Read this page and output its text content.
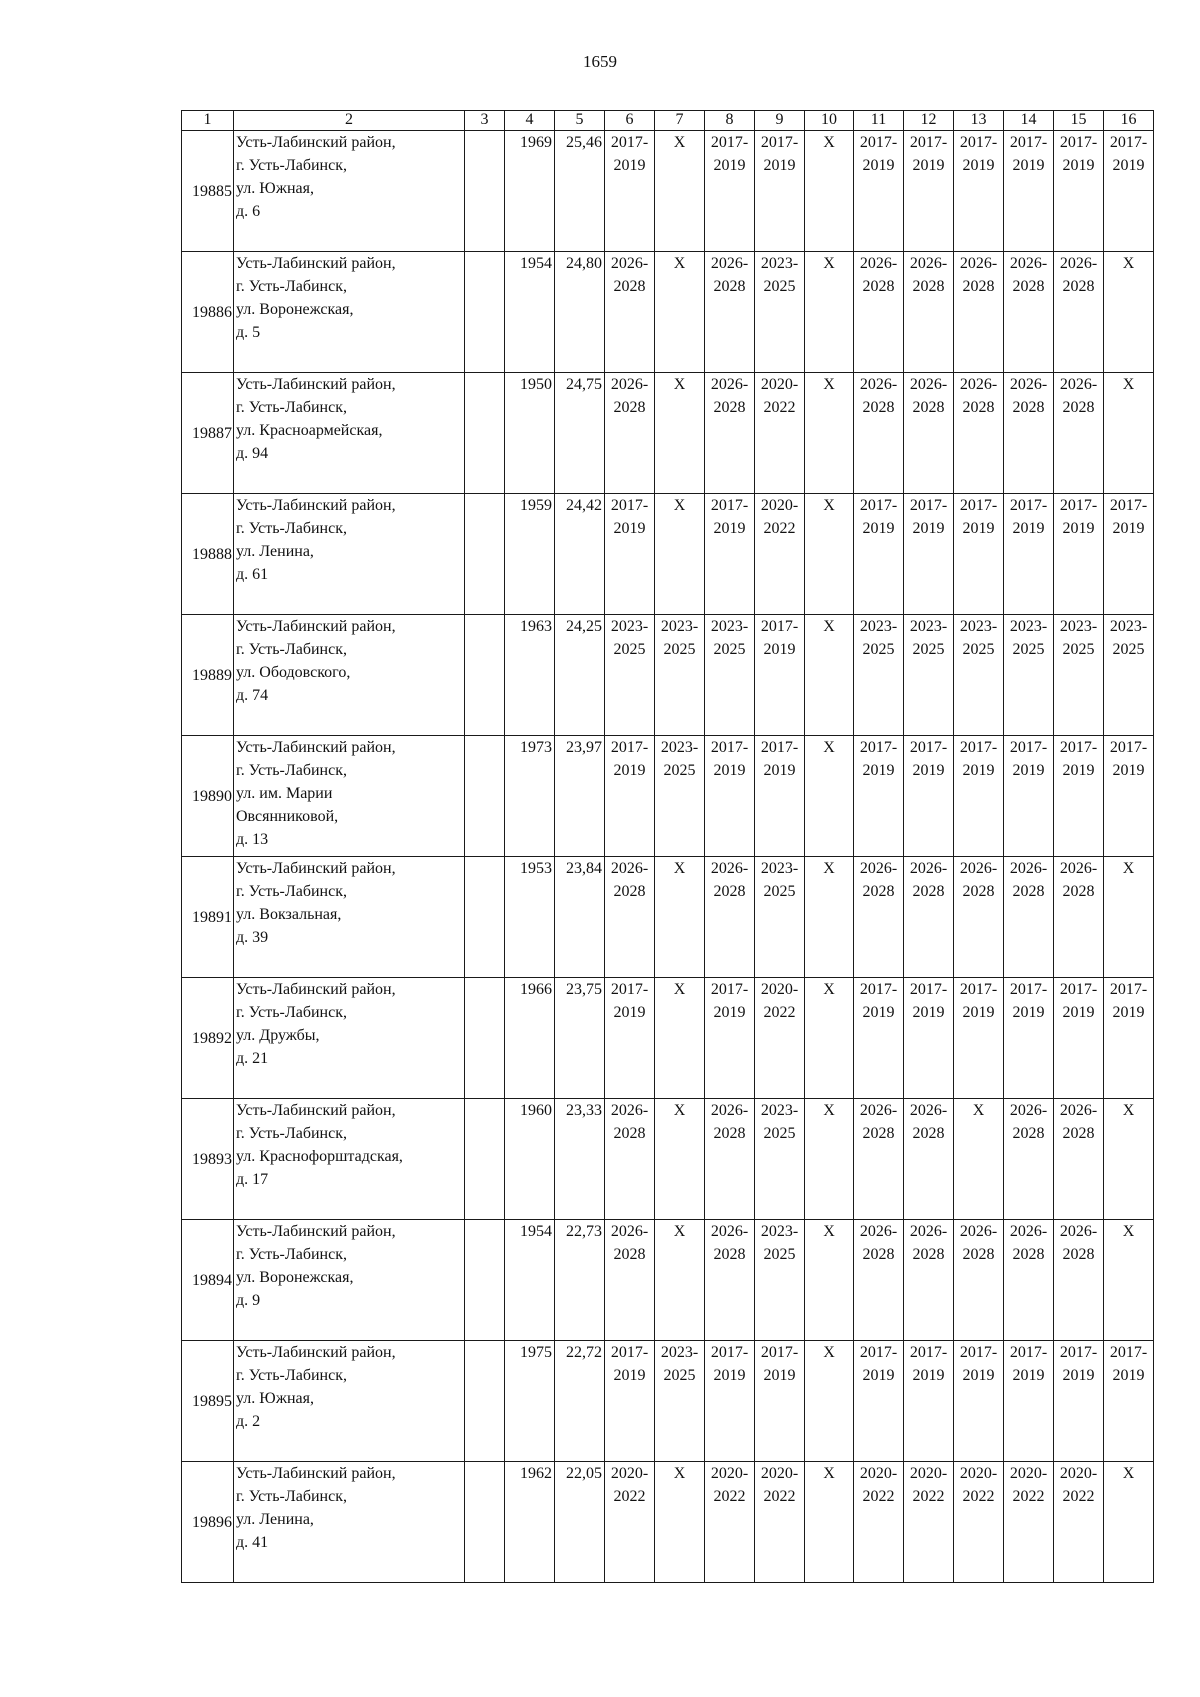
1659
1	2	3	4	5	6	7	8	9	10	11	12	13	14	15	16
19885	Усть-Лабинский район,
г. Усть-Лабинск,
ул. Южная,
д. 6		1969	25,46	2017-
2019	X	2017-
2019	2017-
2019	X	2017-
2019	2017-
2019	2017-
2019	2017-
2019	2017-
2019	2017-
2019

19886	Усть-Лабинский район,
г. Усть-Лабинск,
ул. Воронежская,
д. 5		1954	24,80	2026-
2028	X	2026-
2028	2023-
2025	X	2026-
2028	2026-
2028	2026-
2028	2026-
2028	2026-
2028	X

19887	Усть-Лабинский район,
г. Усть-Лабинск,
ул. Красноармейская,
д. 94		1950	24,75	2026-
2028	X	2026-
2028	2020-
2022	X	2026-
2028	2026-
2028	2026-
2028	2026-
2028	2026-
2028	X

19888	Усть-Лабинский район,
г. Усть-Лабинск,
ул. Ленина,
д. 61		1959	24,42	2017-
2019	X	2017-
2019	2020-
2022	X	2017-
2019	2017-
2019	2017-
2019	2017-
2019	2017-
2019	2017-
2019

19889	Усть-Лабинский район,
г. Усть-Лабинск,
ул. Ободовского,
д. 74		1963	24,25	2023-
2025	2023-
2025	2023-
2025	2017-
2019	X	2023-
2025	2023-
2025	2023-
2025	2023-
2025	2023-
2025	2023-
2025

19890	Усть-Лабинский район,
г. Усть-Лабинск,
ул. им. Марии
Овсянниковой,
д. 13		1973	23,97	2017-
2019	2023-
2025	2017-
2019	2017-
2019	X	2017-
2019	2017-
2019	2017-
2019	2017-
2019	2017-
2019	2017-
2019

19891	Усть-Лабинский район,
г. Усть-Лабинск,
ул. Вокзальная,
д. 39		1953	23,84	2026-
2028	X	2026-
2028	2023-
2025	X	2026-
2028	2026-
2028	2026-
2028	2026-
2028	2026-
2028	X

19892	Усть-Лабинский район,
г. Усть-Лабинск,
ул. Дружбы,
д. 21		1966	23,75	2017-
2019	X	2017-
2019	2020-
2022	X	2017-
2019	2017-
2019	2017-
2019	2017-
2019	2017-
2019	2017-
2019

19893	Усть-Лабинский район,
г. Усть-Лабинск,
ул. Краснофорштадская,
д. 17		1960	23,33	2026-
2028	X	2026-
2028	2023-
2025	X	2026-
2028	2026-
2028	X	2026-
2028	2026-
2028	X

19894	Усть-Лабинский район,
г. Усть-Лабинск,
ул. Воронежская,
д. 9		1954	22,73	2026-
2028	X	2026-
2028	2023-
2025	X	2026-
2028	2026-
2028	2026-
2028	2026-
2028	2026-
2028	X

19895	Усть-Лабинский район,
г. Усть-Лабинск,
ул. Южная,
д. 2		1975	22,72	2017-
2019	2023-
2025	2017-
2019	2017-
2019	X	2017-
2019	2017-
2019	2017-
2019	2017-
2019	2017-
2019	2017-
2019

19896	Усть-Лабинский район,
г. Усть-Лабинск,
ул. Ленина,
д. 41		1962	22,05	2020-
2022	X	2020-
2022	2020-
2022	X	2020-
2022	2020-
2022	2020-
2022	2020-
2022	2020-
2022	X
